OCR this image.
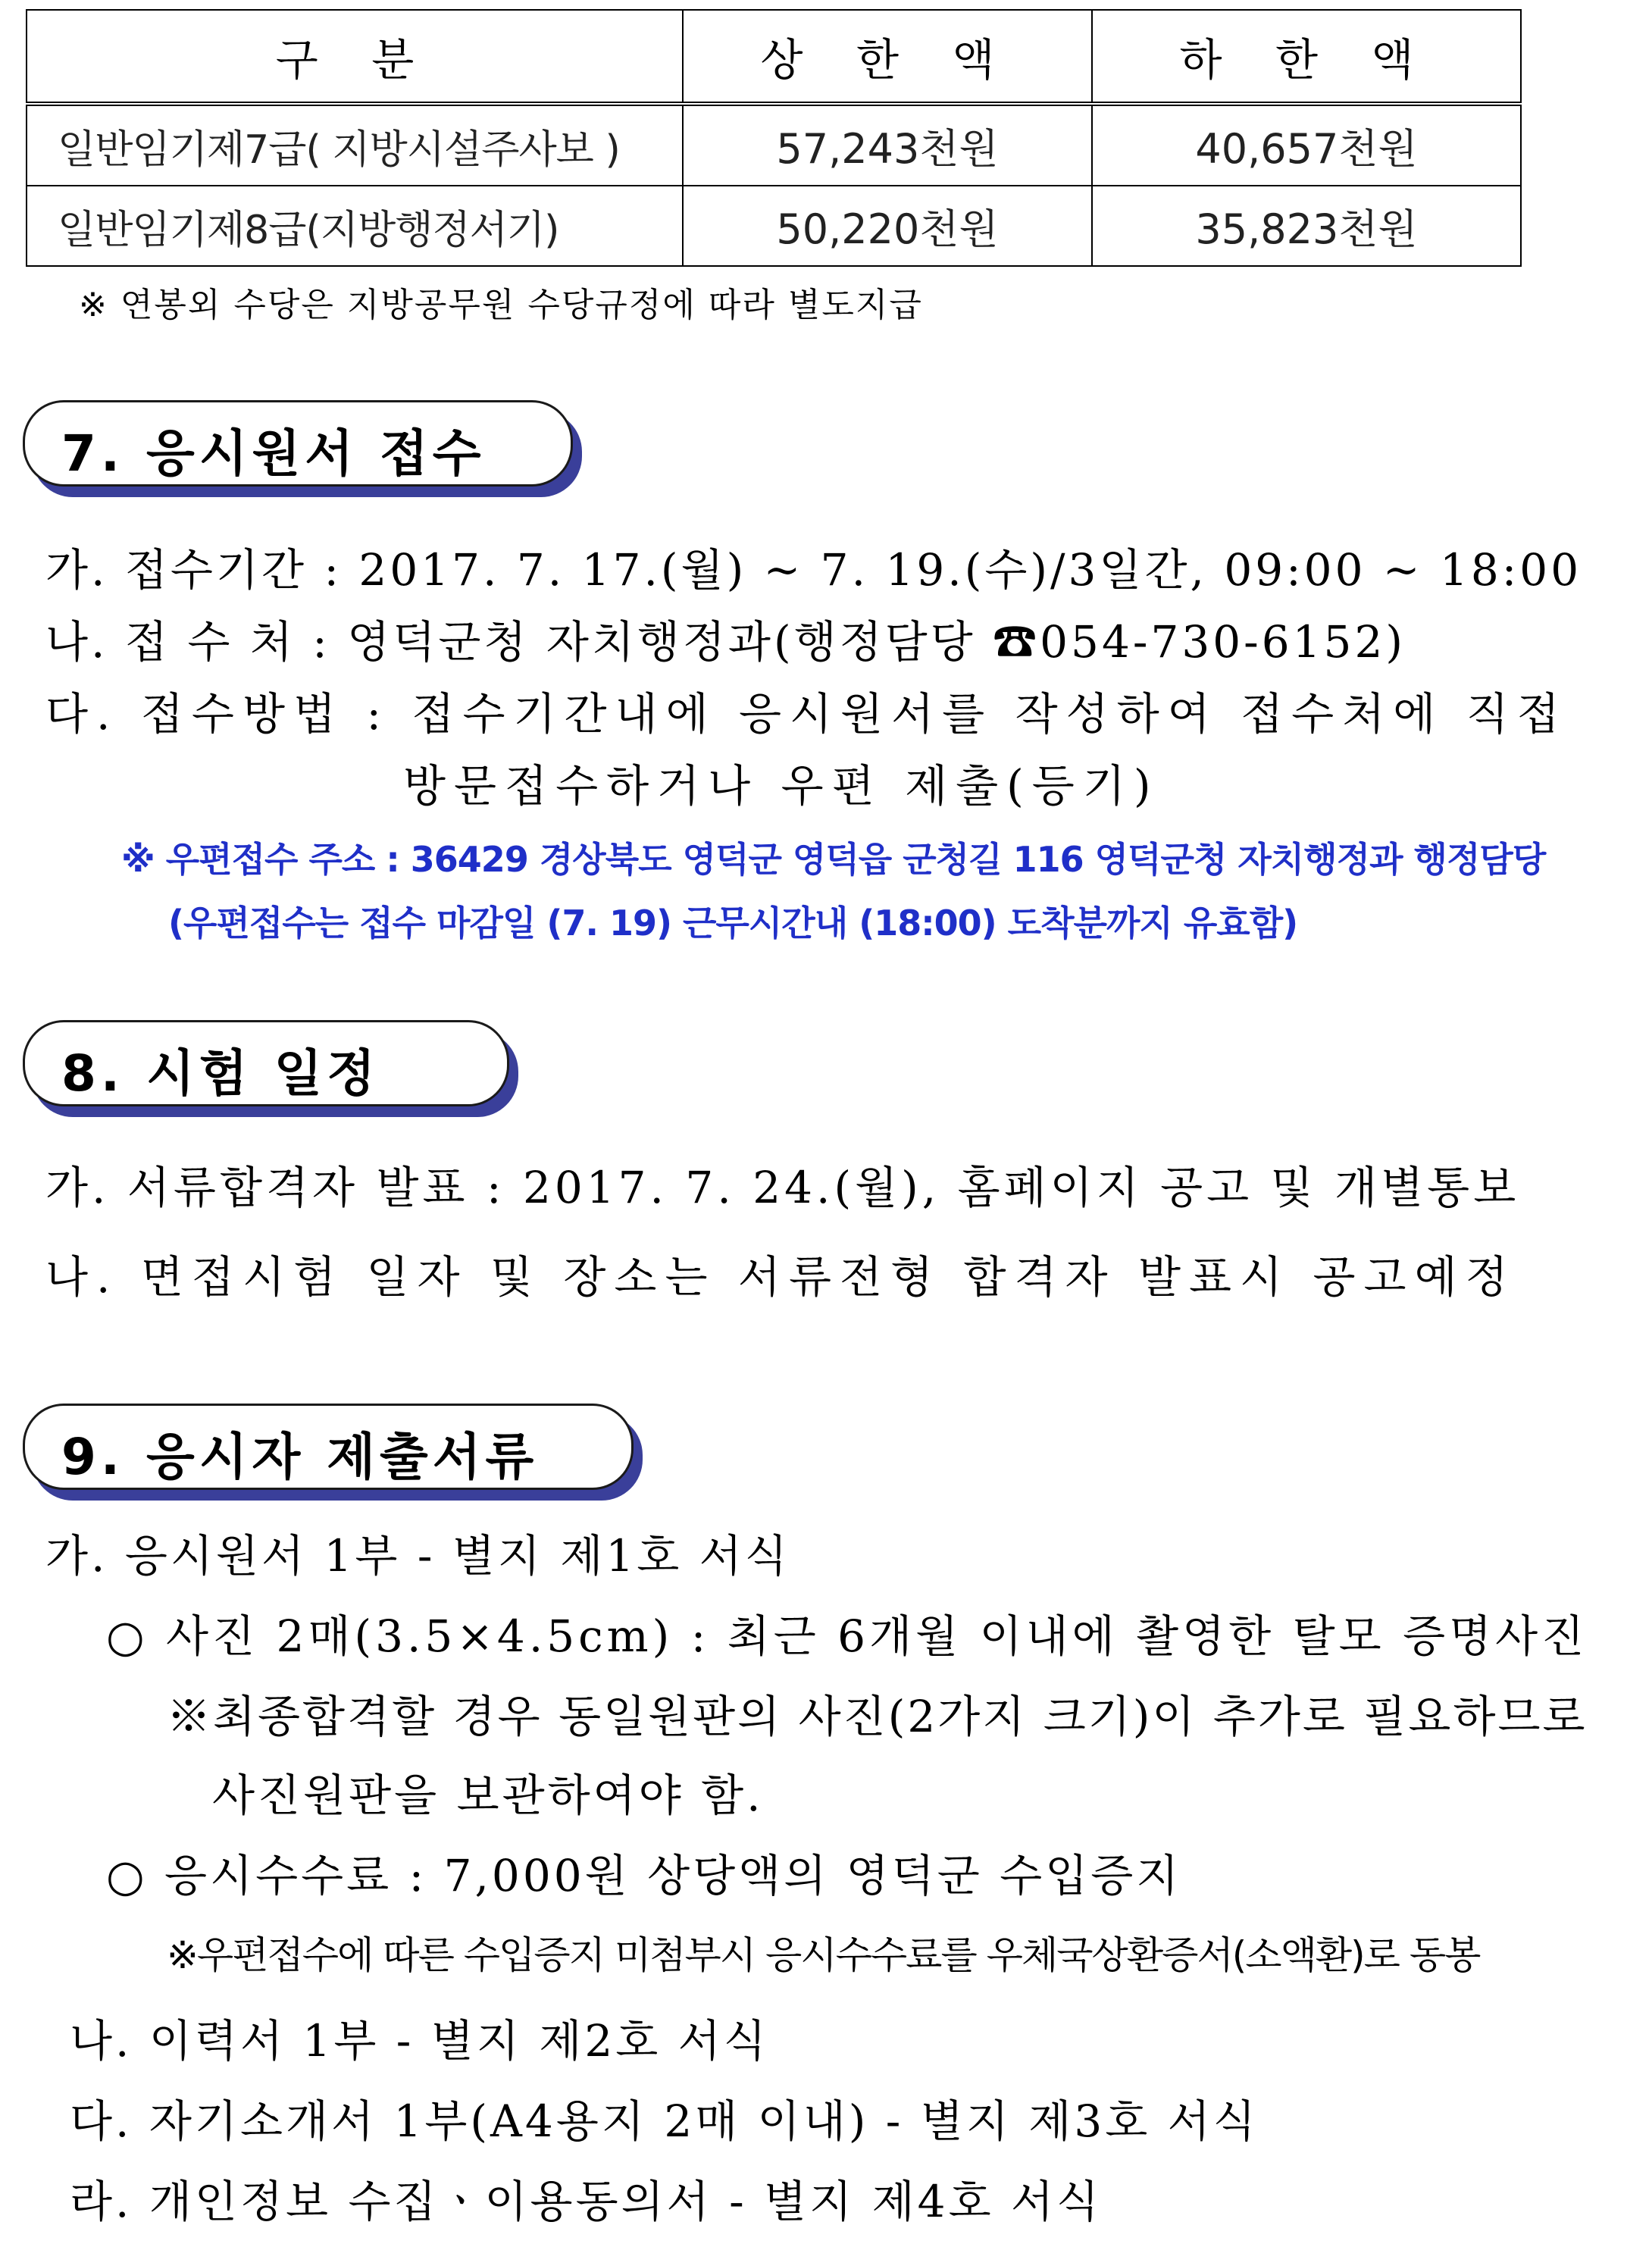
구 분	상 한 액	하 한 액
일반임기제7급( 지방시설주사보 )	57,243천원	40,657천원
일반임기제8급(지방행정서기)	50,220천원	35,823천원
※ 연봉외 수당은 지방공무원 수당규정에 따라 별도지급
7. 응시원서 접수
가. 접수기간 : 2017. 7. 17.(월) ~ 7. 19.(수)/3일간, 09:00 ~ 18:00
나. 접 수 처 : 영덕군청 자치행정과(행정담당 ☎054-730-6152)
다. 접수방법 : 접수기간내에 응시원서를 작성하여 접수처에 직접
방문접수하거나 우편 제출(등기)
※ 우편접수 주소 : 36429 경상북도 영덕군 영덕읍 군청길 116 영덕군청 자치행정과 행정담당
(우편접수는 접수 마감일 (7. 19) 근무시간내 (18:00) 도착분까지 유효함)
8. 시험 일정
가. 서류합격자 발표 : 2017. 7. 24.(월), 홈페이지 공고 및 개별통보
나. 면접시험 일자 및 장소는 서류전형 합격자 발표시 공고예정
9. 응시자 제출서류
가. 응시원서 1부 - 별지 제1호 서식
○ 사진 2매(3.5×4.5cm) : 최근 6개월 이내에 촬영한 탈모 증명사진
※최종합격할 경우 동일원판의 사진(2가지 크기)이 추가로 필요하므로
사진원판을 보관하여야 함.
○ 응시수수료 : 7,000원 상당액의 영덕군 수입증지
※우편접수에 따른 수입증지 미첨부시 응시수수료를 우체국상환증서(소액환)로 동봉
나. 이력서 1부 - 별지 제2호 서식
다. 자기소개서 1부(A4용지 2매 이내) - 별지 제3호 서식
라. 개인정보 수집ㆍ이용동의서 - 별지 제4호 서식
